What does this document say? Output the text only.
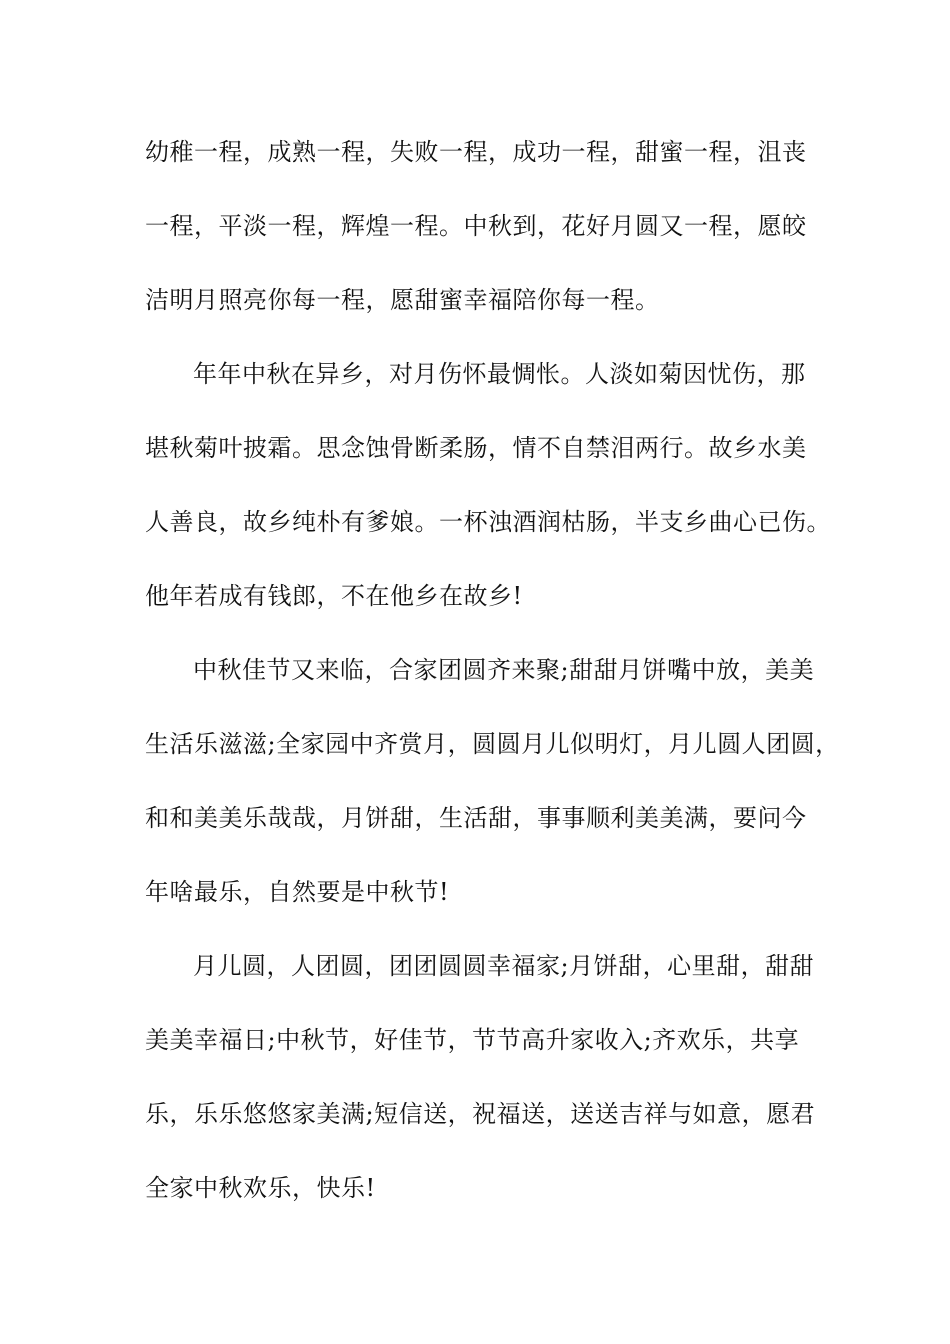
幼稚一程，成熟一程，失败一程，成功一程，甜蜜一程，沮丧
一程，平淡一程，辉煌一程。中秋到，花好月圆又一程，愿皎
洁明月照亮你每一程，愿甜蜜幸福陪你每一程。
年年中秋在异乡，对月伤怀最惆怅。人淡如菊因忧伤，那
堪秋菊叶披霜。思念蚀骨断柔肠，情不自禁泪两行。故乡水美
人善良，故乡纯朴有爹娘。一杯浊酒润枯肠，半支乡曲心已伤。
他年若成有钱郎，不在他乡在故乡!
中秋佳节又来临，合家团圆齐来聚;甜甜月饼嘴中放，美美
生活乐滋滋;全家园中齐赏月，圆圆月儿似明灯，月儿圆人团圆，
和和美美乐哉哉，月饼甜，生活甜，事事顺利美美满，要问今
年啥最乐，自然要是中秋节!
月儿圆，人团圆，团团圆圆幸福家;月饼甜，心里甜，甜甜
美美幸福日;中秋节，好佳节，节节高升家收入;齐欢乐，共享
乐，乐乐悠悠家美满;短信送，祝福送，送送吉祥与如意，愿君
全家中秋欢乐，快乐!
